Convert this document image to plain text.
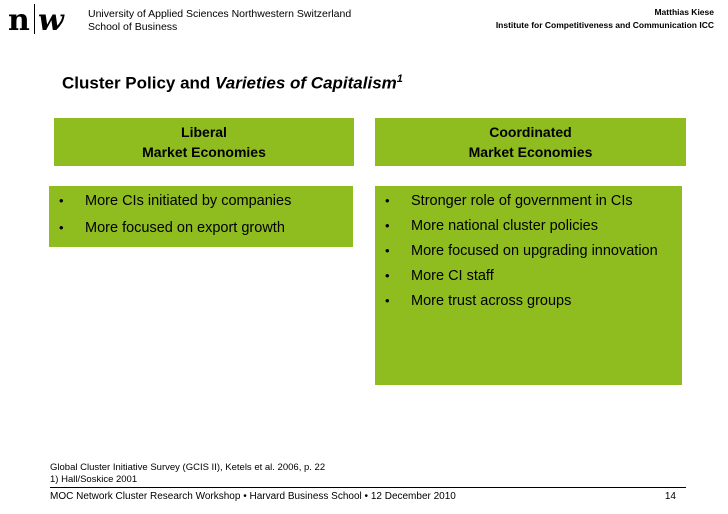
n w University of Applied Sciences Northwestern Switzerland
School of Business
Matthias Kiese
Institute for Competitiveness and Communication ICC
Cluster Policy and Varieties of Capitalism$^1$
Liberal
Market Economies
Coordinated
Market Economies
• More CIs initiated by companies
• More focused on export growth
• Stronger role of government in CIs
• More national cluster policies
• More focused on upgrading innovation
• More CI staff
• More trust across groups
Global Cluster Initiative Survey (GCIS II), Ketels et al. 2006, p. 22
1) Hall/Soskice 2001
MOC Network Cluster Research Workshop • Harvard Business School • 12 December 2010	14
